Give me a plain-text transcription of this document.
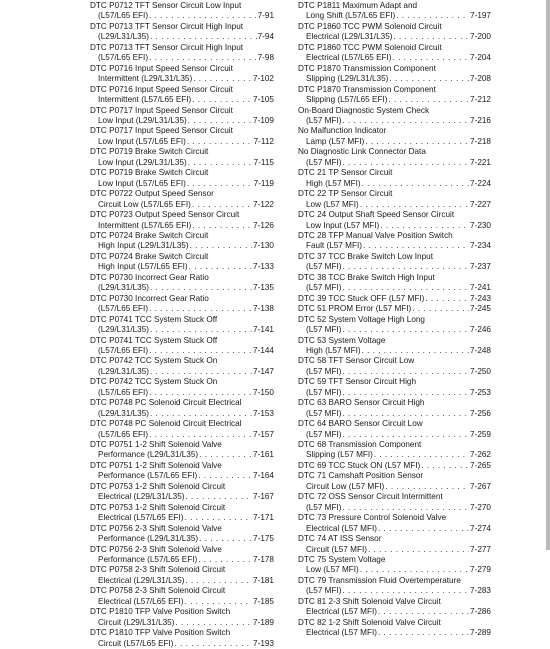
DTC P0712 TFT Sensor Circuit Low Input
(L57/L65 EFI) . . .	7-91
DTC P0713 TFT Sensor Circuit High Input
(L29/L31/L35) . . .	7-94
DTC P0713 TFT Sensor Circuit High Input
(L57/L65 EFI) . . .	7-98
DTC P0716 Input Speed Sensor Circuit
Intermittent (L29/L31/L35) . . .	7-102
DTC P0716 Input Speed Sensor Circuit
Intermittent (L57/L65 EFI) . . .	7-105
DTC P0717 Input Speed Sensor Circuit
Low Input (L29/L31/L35) . . .	7-109
DTC P0717 Input Speed Sensor Circuit
Low Input (L57/L65 EFI) . . .	7-112
DTC P0719 Brake Switch Circuit
Low Input (L29/L31/L35) . . .	7-115
DTC P0719 Brake Switch Circuit
Low Input (L57/L65 EFI) . . .	7-119
DTC P0722 Output Speed Sensor
Circuit Low (L57/L65 EFI) . . .	7-122
DTC P0723 Output Speed Sensor Circuit
Intermittent (L57/L65 EFI) . . .	7-126
DTC P0724 Brake Switch Circuit
High Input (L29/L31/L35) . . .	7-130
DTC P0724 Brake Switch Circuit
High Input (L57/L65 EFI) . . .	7-133
DTC P0730 Incorrect Gear Ratio
(L29/L31/L35) . . .	7-135
DTC P0730 Incorrect Gear Ratio
(L57/L65 EFI) . . .	7-138
DTC P0741 TCC System Stuck Off
(L29/L31/L35) . . .	7-141
DTC P0741 TCC System Stuck Off
(L57/L65 EFI) . . .	7-144
DTC P0742 TCC System Stuck On
(L29/L31/L35) . . .	7-147
DTC P0742 TCC System Stuck On
(L57/L65 EFI) . . .	7-150
DTC P0748 PC Solenoid Circuit Electrical
(L29/L31/L35) . . .	7-153
DTC P0748 PC Solenoid Circuit Electrical
(L57/L65 EFI) . . .	7-157
DTC P0751 1-2 Shift Solenoid Valve
Performance (L29/L31/L35) . . .	7-161
DTC P0751 1-2 Shift Solenoid Valve
Performance (L57/L65 EFI) . . .	7-164
DTC P0753 1-2 Shift Solenoid Circuit
Electrical (L29/L31/L35) . . .	7-167
DTC P0753 1-2 Shift Solenoid Circuit
Electrical (L57/L65 EFI) . . .	7-171
DTC P0756 2-3 Shift Solenoid Valve
Performance (L29/L31/L35) . . .	7-175
DTC P0756 2-3 Shift Solenoid Valve
Performance (L57/L65 EFI) . . .	7-178
DTC P0758 2-3 Shift Solenoid Circuit
Electrical (L29/L31/L35) . . .	7-181
DTC P0758 2-3 Shift Solenoid Circuit
Electrical (L57/L65 EFI) . . .	7-185
DTC P1810 TFP Valve Position Switch
Circuit (L29/L31/L35) . . .	7-189
DTC P1810 TFP Valve Position Switch
Circuit (L57/L65 EFI) . . .	7-193
DTC P1811 Maximum Adapt and
Long Shift (L57/L65 EFI) . . .	7-197
DTC P1860 TCC PWM Solenoid Circuit
Electrical (L29/L31/L35) . . .	7-200
DTC P1860 TCC PWM Solenoid Circuit
Electrical (L57/L65 EFI) . . .	7-204
DTC P1870 Transmission Component
Slipping (L29/L31/L35) . . .	7-208
DTC P1870 Transmission Component
Slipping (L57/L65 EFI) . . .	7-212
On-Board Diagnostic System Check
(L57 MFI) . . .	7-216
No Malfunction Indicator
Lamp (L57 MFI) . . .	7-218
No Diagnostic Link Connector Data
(L57 MFI) . . .	7-221
DTC 21 TP Sensor Circuit
High (L57 MFI) . . .	7-224
DTC 22 TP Sensor Circuit
Low (L57 MFI) . . .	7-227
DTC 24 Output Shaft Speed Sensor Circuit
Low Input (L57 MFI) . . .	7-230
DTC 28 TFP Manual Valve Position Switch
Fault (L57 MFI) . . .	7-234
DTC 37 TCC Brake Switch Low Input
(L57 MFI) . . .	7-237
DTC 38 TCC Brake Switch High Input
(L57 MFI) . . .	7-241
DTC 39 TCC Stuck OFF (L57 MFI) . . .	7-243
DTC 51 PROM Error (L57 MFI) . . .	7-245
DTC 52 System Voltage High Long
(L57 MFI) . . .	7-246
DTC 53 System Voltage
High (L57 MFI) . . .	7-248
DTC 58 TFT Sensor Circuit Low
(L57 MFI) . . .	7-250
DTC 59 TFT Sensor Circuit High
(L57 MFI) . . .	7-253
DTC 63 BARO Sensor Circuit High
(L57 MFI) . . .	7-256
DTC 64 BARO Sensor Circuit Low
(L57 MFI) . . .	7-259
DTC 68 Transmission Component
Slipping (L57 MFI) . . .	7-262
DTC 69 TCC Stuck ON (L57 MFI) . . .	7-265
DTC 71 Camshaft Position Sensor
Circuit Low (L57 MFI) . . .	7-267
DTC 72 OSS Sensor Circuit Intermittent
(L57 MFI) . . .	7-270
DTC 73 Pressure Control Solenoid Valve
Electrical (L57 MFI) . . .	7-274
DTC 74 AT ISS Sensor
Circuit (L57 MFI) . . .	7-277
DTC 75 System Voltage
Low (L57 MFI) . . .	7-279
DTC 79 Transmission Fluid Overtemperature
(L57 MFI) . . .	7-283
DTC 81 2-3 Shift Solenoid Valve Circuit
Electrical (L57 MFI) . . .	7-286
DTC 82 1-2 Shift Solenoid Valve Circuit
Electrical (L57 MFI) . . .	7-289
